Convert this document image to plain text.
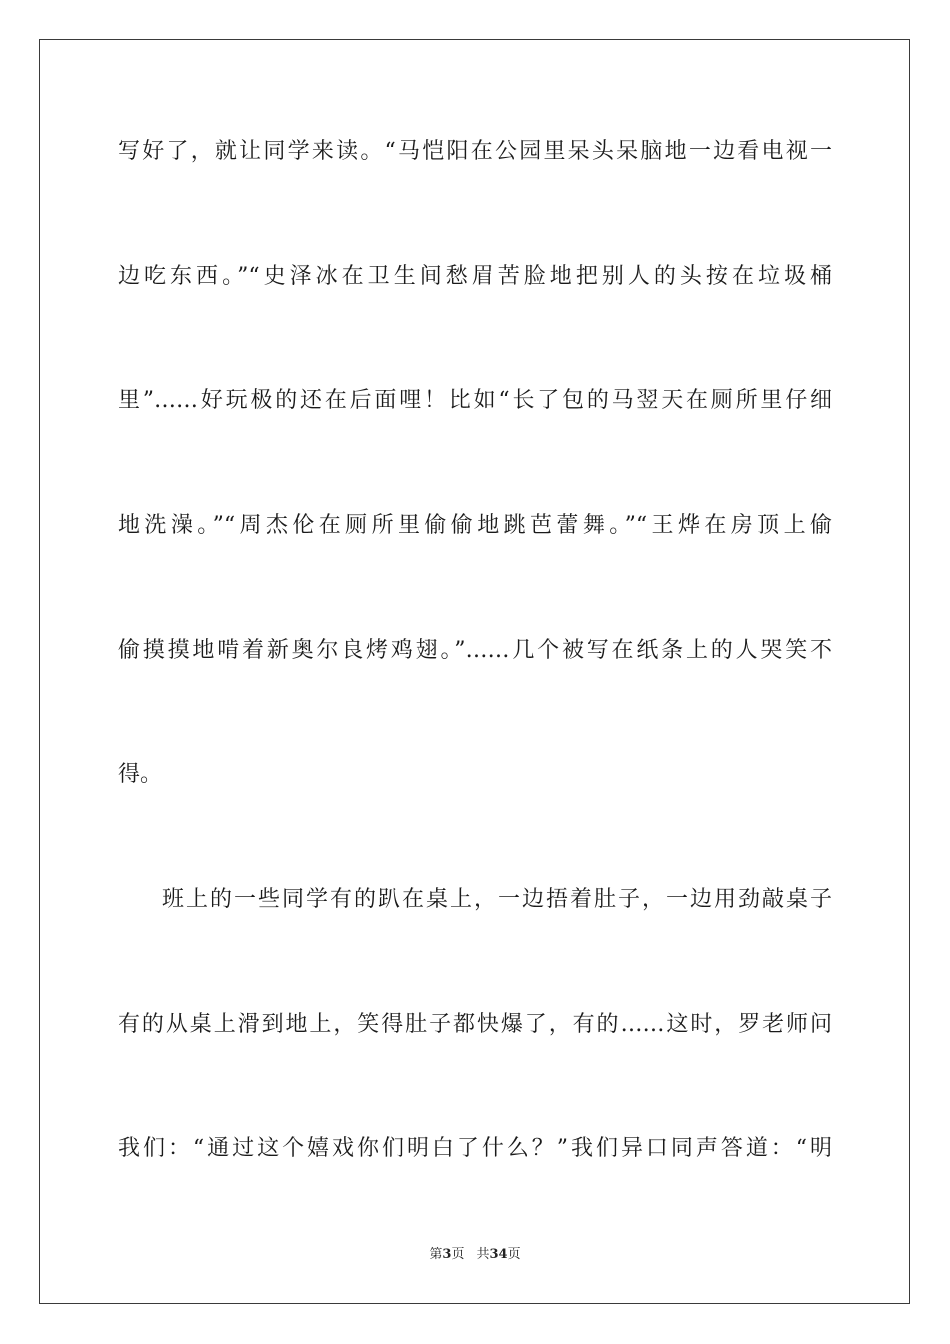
写好了，就让同学来读。“马恺阳在公园里呆头呆脑地一边看电视一
边吃东西。”“史泽冰在卫生间愁眉苦脸地把别人的头按在垃圾桶
里”……好玩极的还在后面哩！比如“长了包的马翌天在厕所里仔细
地洗澡。”“周杰伦在厕所里偷偷地跳芭蕾舞。”“王烨在房顶上偷
偷摸摸地啃着新奥尔良烤鸡翅。”……几个被写在纸条上的人哭笑不
得。
班上的一些同学有的趴在桌上，一边捂着肚子，一边用劲敲桌子
有的从桌上滑到地上，笑得肚子都快爆了，有的……这时，罗老师问
我们：“通过这个嬉戏你们明白了什么？”我们异口同声答道：“明
第3页 共34页
